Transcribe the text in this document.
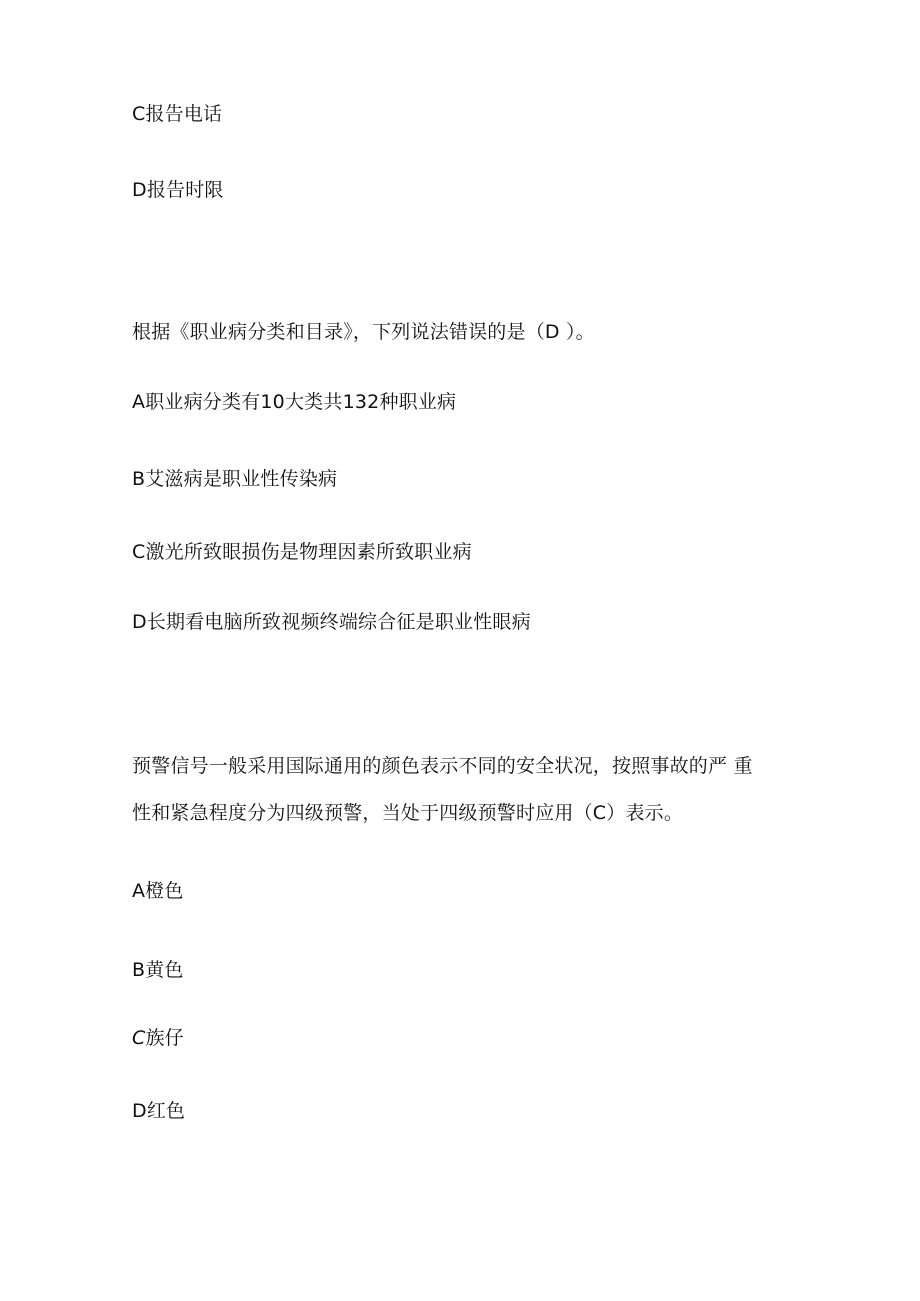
C报告电话
D报告时限
根据《职业病分类和目录》，下列说法错误的是（D ）。
A职业病分类有10大类共132种职业病
B艾滋病是职业性传染病
C激光所致眼损伤是物理因素所致职业病
D长期看电脑所致视频终端综合征是职业性眼病
预警信号一般采用国际通用的颜色表示不同的安全状况，按照事故的严 重
性和紧急程度分为四级预警，当处于四级预警时应用（C）表示。
A橙色
B黄色
C族仔
D红色
